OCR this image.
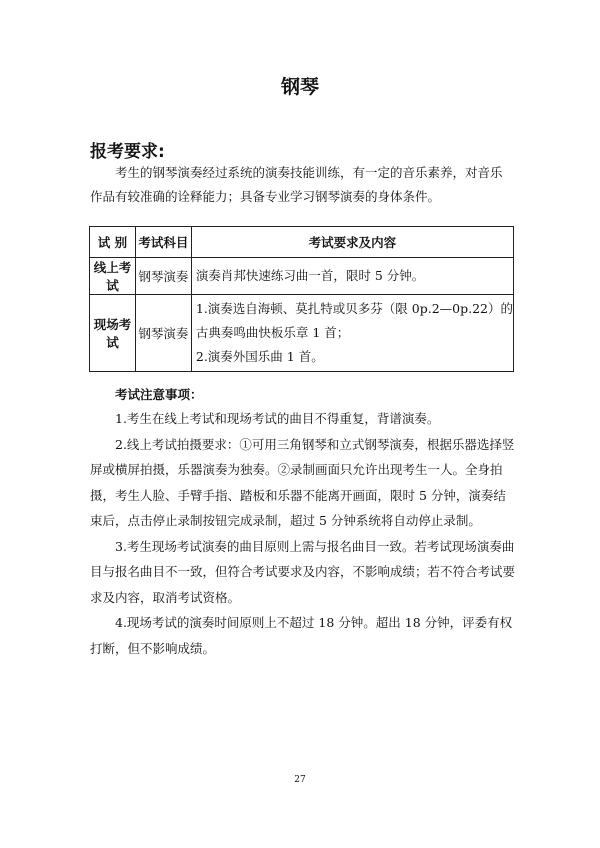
钢琴
报考要求:

考生的钢琴演奏经过系统的演奏技能训练，有一定的音乐素养，对音乐作品有较准确的诠释能力；具备专业学习钢琴演奏的身体条件。

试 别	考试科目	考试要求及内容
线上考试	钢琴演奏	演奏肖邦快速练习曲一首，限时 5 分钟。

现场考试	钢琴演奏	1.演奏选自海顿、莫扎特或贝多芬（限 0p.2—0p.22）的
古典奏鸣曲快板乐章 1 首；
2.演奏外国乐曲 1 首。
考试注意事项：

1.考生在线上考试和现场考试的曲目不得重复，背谱演奏。

2.线上考试拍摄要求：①可用三角钢琴和立式钢琴演奏，根据乐器选择竖屏或横屏拍摄，乐器演奏为独奏。②录制画面只允许出现考生一人。全身拍摄，考生人脸、手臂手指、踏板和乐器不能离开画面，限时 5 分钟，演奏结束后，点击停止录制按钮完成录制，超过 5 分钟系统将自动停止录制。

3.考生现场考试演奏的曲目原则上需与报名曲目一致。若考试现场演奏曲目与报名曲目不一致，但符合考试要求及内容，不影响成绩；若不符合考试要求及内容，取消考试资格。

4.现场考试的演奏时间原则上不超过 18 分钟。超出 18 分钟，评委有权打断，但不影响成绩。

27
